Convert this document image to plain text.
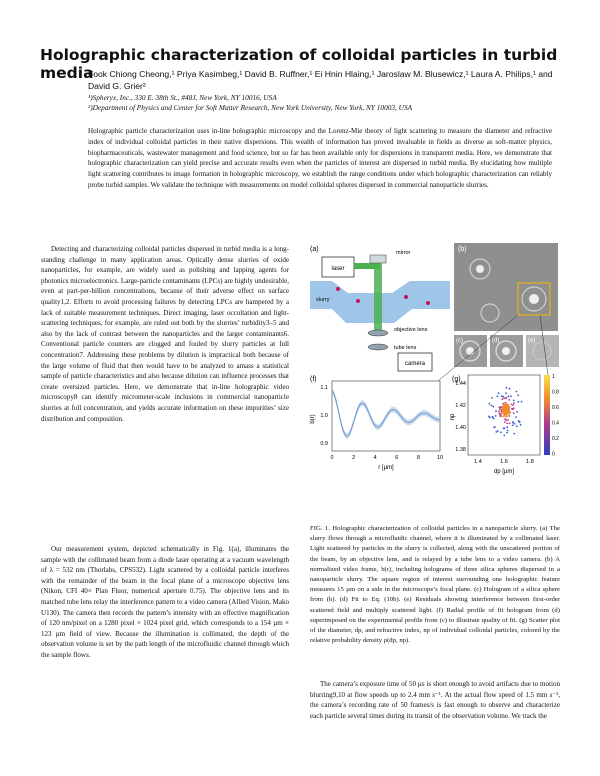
Holographic characterization of colloidal particles in turbid media
Fook Chiong Cheong,¹ Priya Kasimbeg,¹ David B. Ruffner,¹ Ei Hnin Hlaing,¹ Jaroslaw M. Blusewicz,¹ Laura A. Philips,¹ and David G. Grier²
¹)Spheryx, Inc., 330 E. 38th St., #48J, New York, NY 10016, USA
²)Department of Physics and Center for Soft Matter Research, New York University, New York, NY 10003, USA
Holographic particle characterization uses in-line holographic microscopy and the Lorenz-Mie theory of light scattering to measure the diameter and refractive index of individual colloidal particles in their native dispersions. This wealth of information has proved invaluable in fields as diverse as soft-matter physics, biopharmaceuticals, wastewater management and food science, but so far has been available only for dispersions in transparent media. Here, we demonstrate that holographic characterization can yield precise and accurate results even when the particles of interest are dispersed in turbid media. By elucidating how multiple light scattering contributes to image formation in holographic microscopy, we establish the range conditions under which holographic characterization can reliably probe turbid samples. We validate the technique with measurements on model colloidal spheres dispersed in commercial nanoparticle slurries.
Detecting and characterizing colloidal particles dispersed in turbid media is a long-standing challenge in many application areas. Optically dense slurries of oxide nanoparticles, for example, are widely used as polishing and lapping agents for photonics microelectronics. Large-particle contaminants (LPCs) are highly undesirable, even at part-per-billion concentrations, because of their adverse effect on surface quality1,2. Efforts to avoid processing failures by detecting LPCs are hampered by a lack of suitable measurement techniques. Direct imaging, laser occultation and light-scattering techniques, for example, are ruled out both by the slurries’ turbidity3–5 and also by the lack of contrast between the nanoparticles and the larger contaminants6. Conventional particle counters are clogged and fouled by slurry particles at full concentration7. Addressing these problems by dilution is impractical both because of the large volume of fluid that then would have to be analyzed to amass a statistical sample of particle characteristics and also because dilution can influence processes that create oversized particles. Here, we demonstrate that in-line holographic video microscopy8 can identify micrometer-scale inclusions in commercial nanoparticle slurries at full concentration, and yields accurate information on these impurities’ size distribution and composition.
Our measurement system, depicted schematically in Fig. 1(a), illuminates the sample with the collimated beam from a diode laser operating at a vacuum wavelength of λ = 532 nm (Thorlabs, CPS532). Light scattered by a colloidal particle interferes with the remainder of the beam in the focal plane of a microscope objective lens (Nikon, CFI 40× Plan Fluor, numerical aperture 0.75). The objective lens and its matched tube lens relay the interference pattern to a video camera (Allied Vision, Mako U130). The camera then records the pattern’s intensity with an effective magnification of 120 nm/pixel on a 1280 pixel × 1024 pixel grid, which corresponds to a 154 µm × 123 µm field of view. Because the illumination is collimated, the depth of the observation volume is set by the path length of the microfluidic channel through which the sample flows.
(a)
laser
mirror
objective lens
tube lens
camera
slurry
(b)
(c)	(d)	(e)
(f)
1.1
1.0
0.9
b(r)
0	2	4	6	8	10
r [µm]
(g)	1
0.8
0.6
0.4
0.2
0
1.4	1.6	1.8
1.44
1.42
1.40
1.38
dp [µm]
np
FIG. 1. Holographic characterization of colloidal particles in a nanoparticle slurry. (a) The slurry flows through a microfluidic channel, where it is illuminated by a collimated laser. Light scattered by particles in the slurry is collected, along with the unscattered portion of the beam, by an objective lens, and is relayed by a tube lens to a video camera. (b) A normalized video frame, b(r), including holograms of three silica spheres dispersed in a nanoparticle slurry. The square region of interest surrounding one holographic feature measures 15 µm on a side in the microscope’s focal plane. (c) Hologram of a silica sphere from (b). (d) Fit to Eq. (10b). (e) Residuals showing interference between first-order scattered field and multiply scattered light. (f) Radial profile of fit hologram from (d) superimposed on the experimental profile from (c) to illustrate quality of fit. (g) Scatter plot of the diameter, dp, and refractive index, np of individual colloidal particles, colored by the relative probability density ρ(dp, np).
The camera’s exposure time of 50 µs is short enough to avoid artifacts due to motion blurring9,10 at flow speeds up to 2.4 mm s⁻¹. At the actual flow speed of 1.5 mm s⁻¹, the camera’s recording rate of 50 frames/s is fast enough to observe and characterize each particle several times during its transit of the observation volume. We track the
